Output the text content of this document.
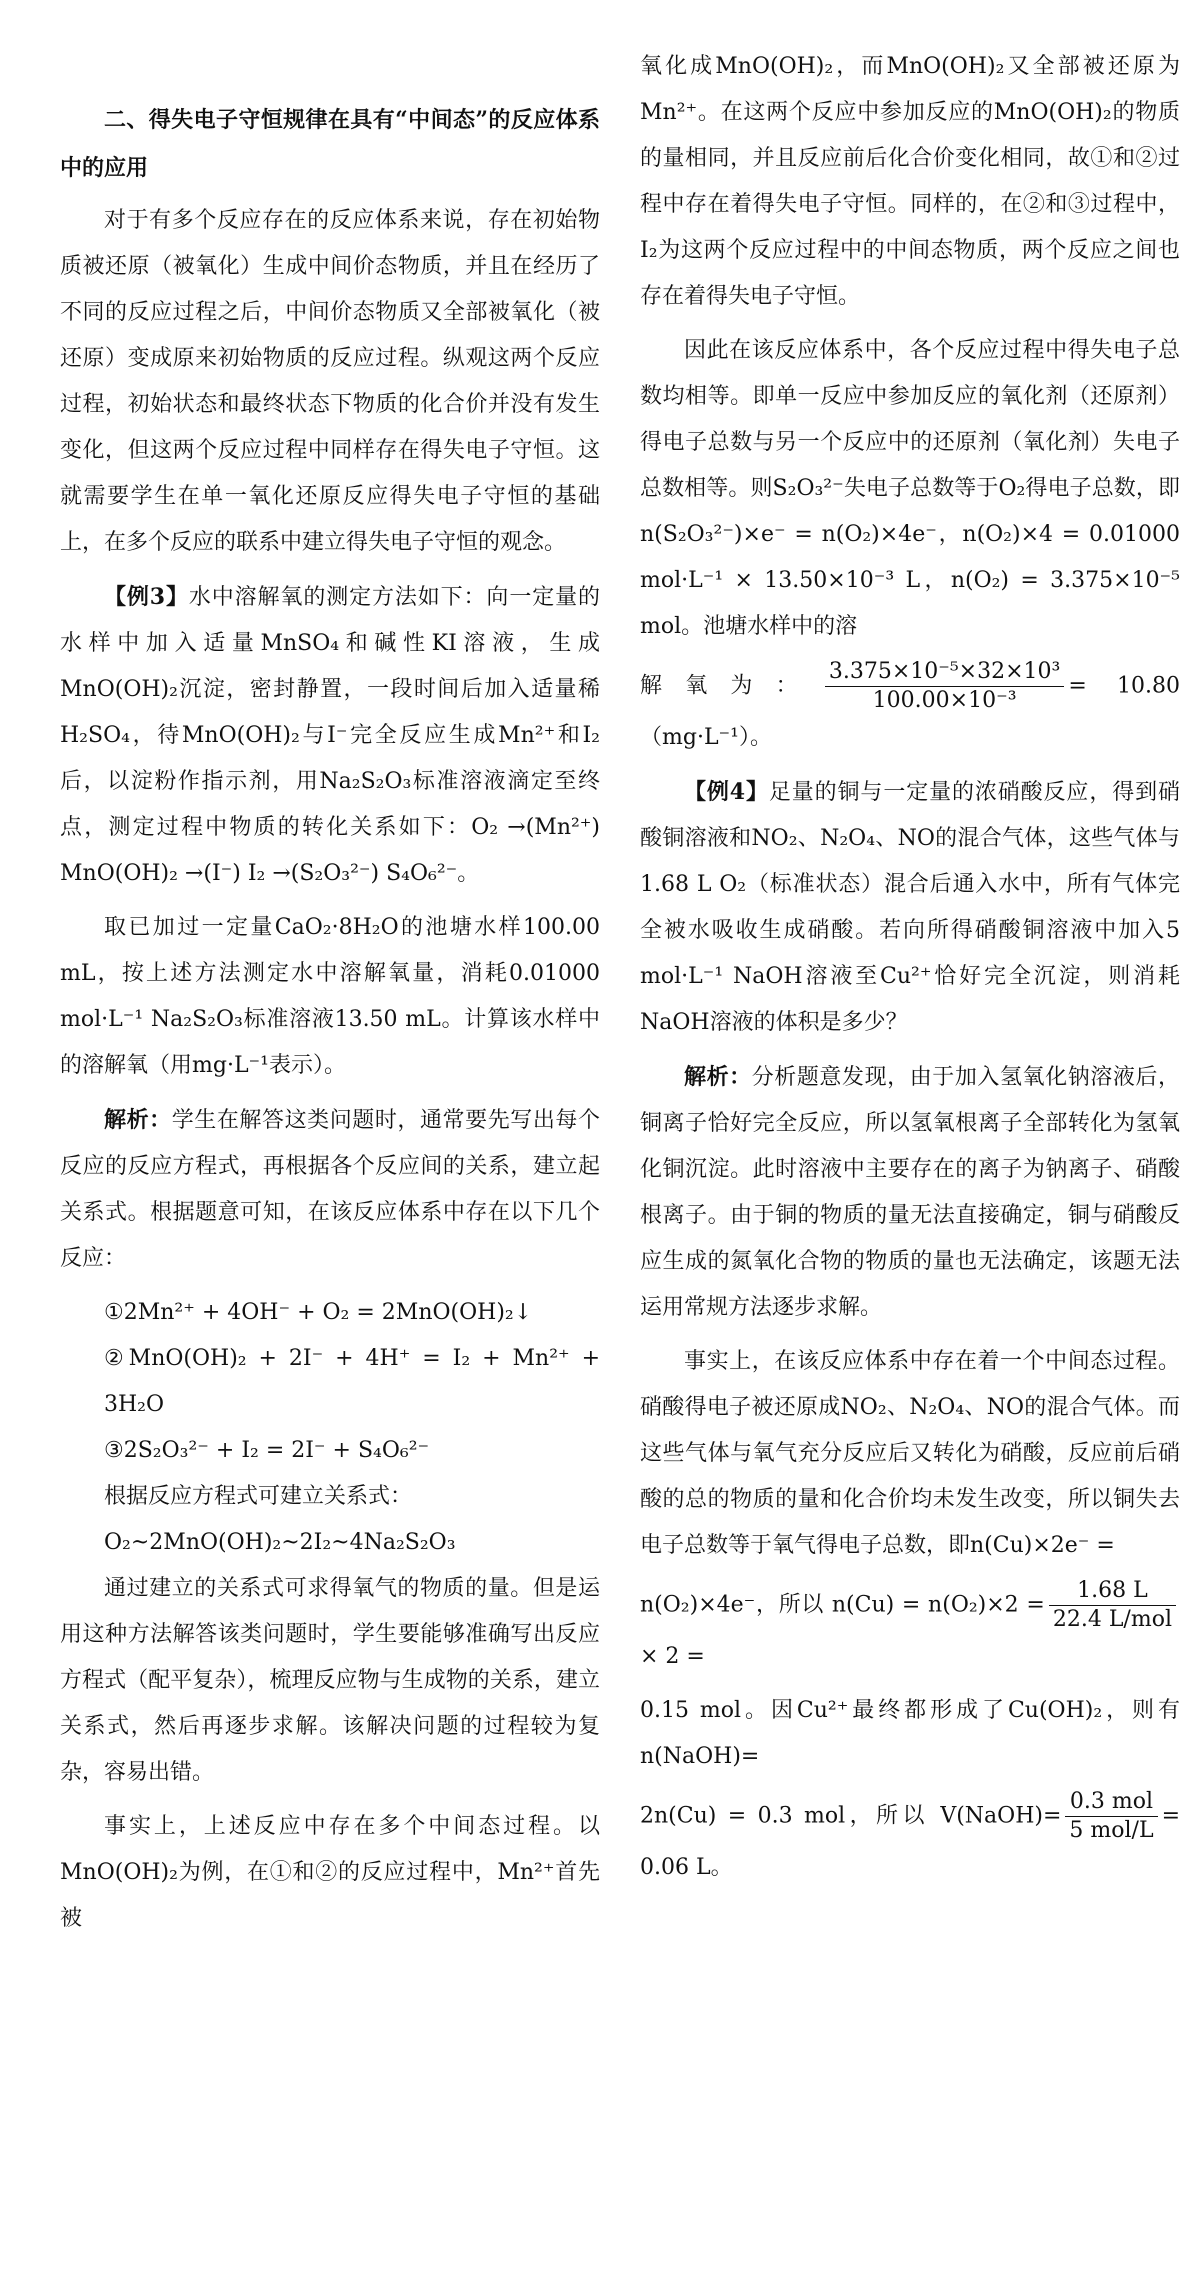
二、得失电子守恒规律在具有“中间态”的反应体系中的应用

对于有多个反应存在的反应体系来说，存在初始物质被还原（被氧化）生成中间价态物质，并且在经历了不同的反应过程之后，中间价态物质又全部被氧化（被还原）变成原来初始物质的反应过程。纵观这两个反应过程，初始状态和最终状态下物质的化合价并没有发生变化，但这两个反应过程中同样存在得失电子守恒。这就需要学生在单一氧化还原反应得失电子守恒的基础上，在多个反应的联系中建立得失电子守恒的观念。

【例3】水中溶解氧的测定方法如下：向一定量的水样中加入适量MnSO₄和碱性KI溶液，生成MnO(OH)₂沉淀，密封静置，一段时间后加入适量稀H₂SO₄，待MnO(OH)₂与I⁻完全反应生成Mn²⁺和I₂后，以淀粉作指示剂，用Na₂S₂O₃标准溶液滴定至终点，测定过程中物质的转化关系如下：O₂ →(Mn²⁺) MnO(OH)₂ →(I⁻) I₂ →(S₂O₃²⁻) S₄O₆²⁻。

取已加过一定量CaO₂·8H₂O的池塘水样100.00 mL，按上述方法测定水中溶解氧量，消耗0.01000 mol·L⁻¹ Na₂S₂O₃标准溶液13.50 mL。计算该水样中的溶解氧（用mg·L⁻¹表示）。

解析：学生在解答这类问题时，通常要先写出每个反应的反应方程式，再根据各个反应间的关系，建立起关系式。根据题意可知，在该反应体系中存在以下几个反应：

①2Mn²⁺ + 4OH⁻ + O₂ = 2MnO(OH)₂↓

②MnO(OH)₂ + 2I⁻ + 4H⁺ = I₂ + Mn²⁺ + 3H₂O

③2S₂O₃²⁻ + I₂ = 2I⁻ + S₄O₆²⁻

根据反应方程式可建立关系式：

O₂~2MnO(OH)₂~2I₂~4Na₂S₂O₃

通过建立的关系式可求得氧气的物质的量。但是运用这种方法解答该类问题时，学生要能够准确写出反应方程式（配平复杂），梳理反应物与生成物的关系，建立关系式，然后再逐步求解。该解决问题的过程较为复杂，容易出错。

事实上，上述反应中存在多个中间态过程。以MnO(OH)₂为例，在①和②的反应过程中，Mn²⁺首先被

氧化成MnO(OH)₂，而MnO(OH)₂又全部被还原为Mn²⁺。在这两个反应中参加反应的MnO(OH)₂的物质的量相同，并且反应前后化合价变化相同，故①和②过程中存在着得失电子守恒。同样的，在②和③过程中，I₂为这两个反应过程中的中间态物质，两个反应之间也存在着得失电子守恒。

因此在该反应体系中，各个反应过程中得失电子总数均相等。即单一反应中参加反应的氧化剂（还原剂）得电子总数与另一个反应中的还原剂（氧化剂）失电子总数相等。则S₂O₃²⁻失电子总数等于O₂得电子总数，即n(S₂O₃²⁻)×e⁻ = n(O₂)×4e⁻，n(O₂)×4 = 0.01000 mol·L⁻¹ × 13.50×10⁻³ L，n(O₂) = 3.375×10⁻⁵ mol。池塘水样中的溶

解氧为： $\frac{\text{3.375×10⁻⁵×32×10³}}{\text{100.00×10⁻³}} = 10.80(mg\cdot L^{-1})$。

【例4】足量的铜与一定量的浓硝酸反应，得到硝酸铜溶液和NO₂、N₂O₄、NO的混合气体，这些气体与1.68 L O₂（标准状态）混合后通入水中，所有气体完全被水吸收生成硝酸。若向所得硝酸铜溶液中加入5 mol·L⁻¹ NaOH溶液至Cu²⁺恰好完全沉淀，则消耗NaOH溶液的体积是多少？

解析：分析题意发现，由于加入氢氧化钠溶液后，铜离子恰好完全反应，所以氢氧根离子全部转化为氢氧化铜沉淀。此时溶液中主要存在的离子为钠离子、硝酸根离子。由于铜的物质的量无法直接确定，铜与硝酸反应生成的氮氧化合物的物质的量也无法确定，该题无法运用常规方法逐步求解。

事实上，在该反应体系中存在着一个中间态过程。硝酸得电子被还原成NO₂、N₂O₄、NO的混合气体。而这些气体与氧气充分反应后又转化为硝酸，反应前后硝酸的总的物质的量和化合价均未发生改变，所以铜失去电子总数等于氧气得电子总数，即n(Cu)×2e⁻ =

n(O₂)×4e⁻，所以 $n(Cu) = n(O_2)\times 2 = \frac{1.68 L}{\text{22.4 L/mol}}$
× 2 =

0.15 mol。因Cu²⁺最终都形成了Cu(OH)₂，则有n(NaOH)=

2n(Cu) = 0.3 mol，所以 V(NaOH)= $\frac{\text{0.3 mol}}{\text{5 mol/L}} = 0.06$ L。
